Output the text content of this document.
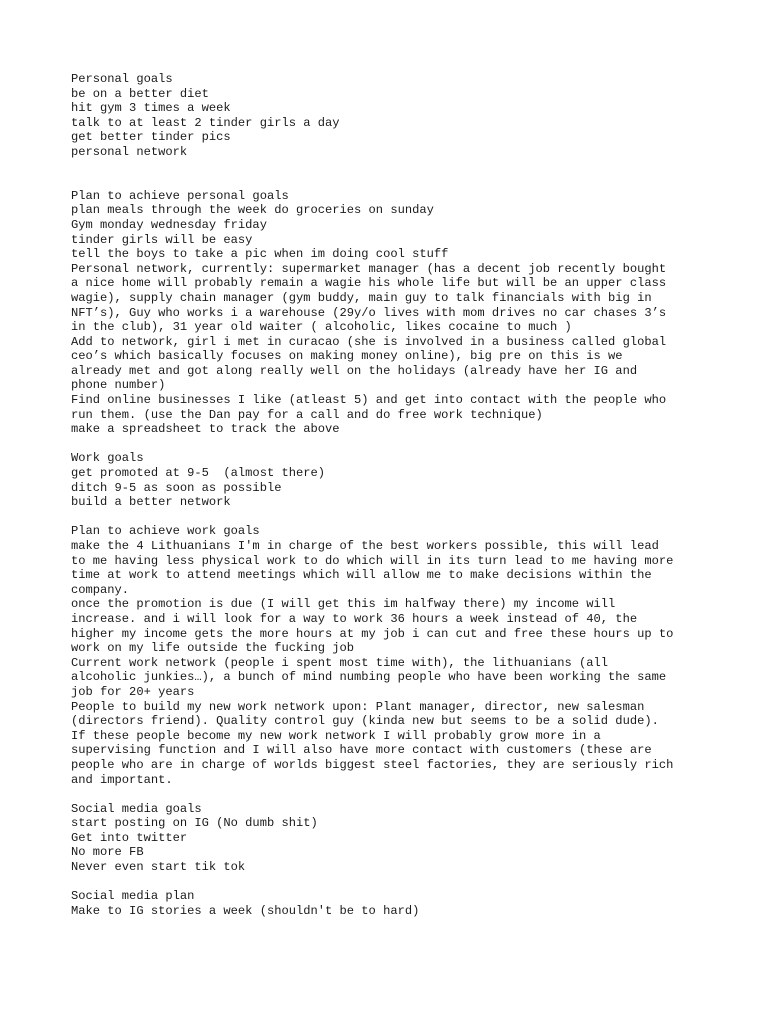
Personal goals
be on a better diet
hit gym 3 times a week
talk to at least 2 tinder girls a day
get better tinder pics
personal network
Plan to achieve personal goals
plan meals through the week do groceries on sunday
Gym monday wednesday friday
tinder girls will be easy
tell the boys to take a pic when im doing cool stuff
Personal network, currently: supermarket manager (has a decent job recently bought
a nice home will probably remain a wagie his whole life but will be an upper class
wagie), supply chain manager (gym buddy, main guy to talk financials with big in
NFT’s), Guy who works i a warehouse (29y/o lives with mom drives no car chases 3’s
in the club), 31 year old waiter ( alcoholic, likes cocaine to much )
Add to network, girl i met in curacao (she is involved in a business called global
ceo’s which basically focuses on making money online), big pre on this is we
already met and got along really well on the holidays (already have her IG and
phone number)
Find online businesses I like (atleast 5) and get into contact with the people who
run them. (use the Dan pay for a call and do free work technique)
make a spreadsheet to track the above
Work goals
get promoted at 9-5  (almost there)
ditch 9-5 as soon as possible
build a better network
Plan to achieve work goals
make the 4 Lithuanians I'm in charge of the best workers possible, this will lead
to me having less physical work to do which will in its turn lead to me having more
time at work to attend meetings which will allow me to make decisions within the
company.
once the promotion is due (I will get this im halfway there) my income will
increase. and i will look for a way to work 36 hours a week instead of 40, the
higher my income gets the more hours at my job i can cut and free these hours up to
work on my life outside the fucking job
Current work network (people i spent most time with), the lithuanians (all
alcoholic junkies…), a bunch of mind numbing people who have been working the same
job for 20+ years
People to build my new work network upon: Plant manager, director, new salesman
(directors friend). Quality control guy (kinda new but seems to be a solid dude).
If these people become my new work network I will probably grow more in a
supervising function and I will also have more contact with customers (these are
people who are in charge of worlds biggest steel factories, they are seriously rich
and important.
Social media goals
start posting on IG (No dumb shit)
Get into twitter
No more FB
Never even start tik tok
Social media plan
Make to IG stories a week (shouldn't be to hard)
